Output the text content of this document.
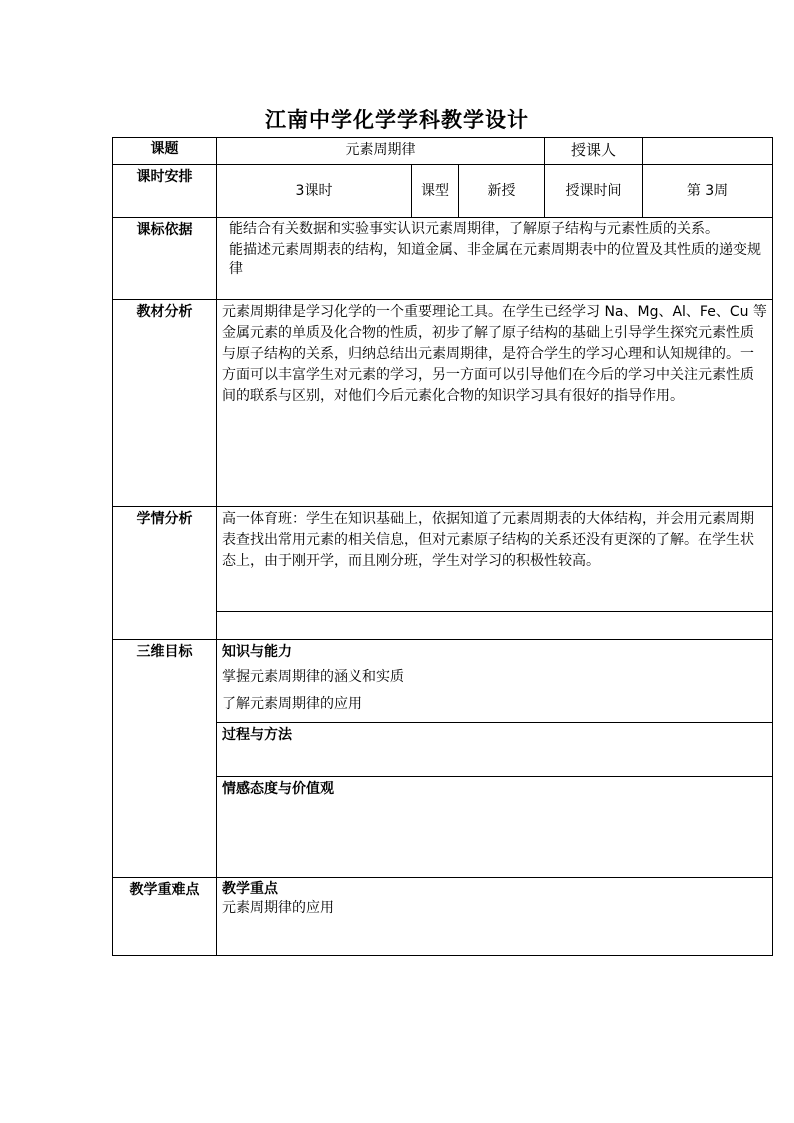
江南中学化学学科教学设计
课题	元素周期律			授课人	
课时安排	3课时	课型	新授	授课时间	第 3周
课标依据	能结合有关数据和实验事实认识元素周期律，了解原子结构与元素性质的关系。
能描述元素周期表的结构，知道金属、非金属在元素周期表中的位置及其性质的递变规律				

教材分析	元素周期律是学习化学的一个重要理论工具。在学生已经学习 Na、Mg、Al、Fe、Cu 等金属元素的单质及化合物的性质，初步了解了原子结构的基础上引导学生探究元素性质与原子结构的关系，归纳总结出元素周期律，是符合学生的学习心理和认知规律的。一方面可以丰富学生对元素的学习，另一方面可以引导他们在今后的学习中关注元素性质间的联系与区别，对他们今后元素化合物的知识学习具有很好的指导作用。				
学情分析	高一体育班：学生在知识基础上，依据知道了元素周期表的大体结构，并会用元素周期表查找出常用元素的相关信息，但对元素原子结构的关系还没有更深的了解。在学生状态上，由于刚开学，而且刚分班，学生对学习的积极性较高。				

三维目标	知识与能力
掌握元素周期律的涵义和实质
了解元素周期律的应用				

	过程与方法				
	情感态度与价值观				
教学重难点	教学重点
元素周期律的应用				
